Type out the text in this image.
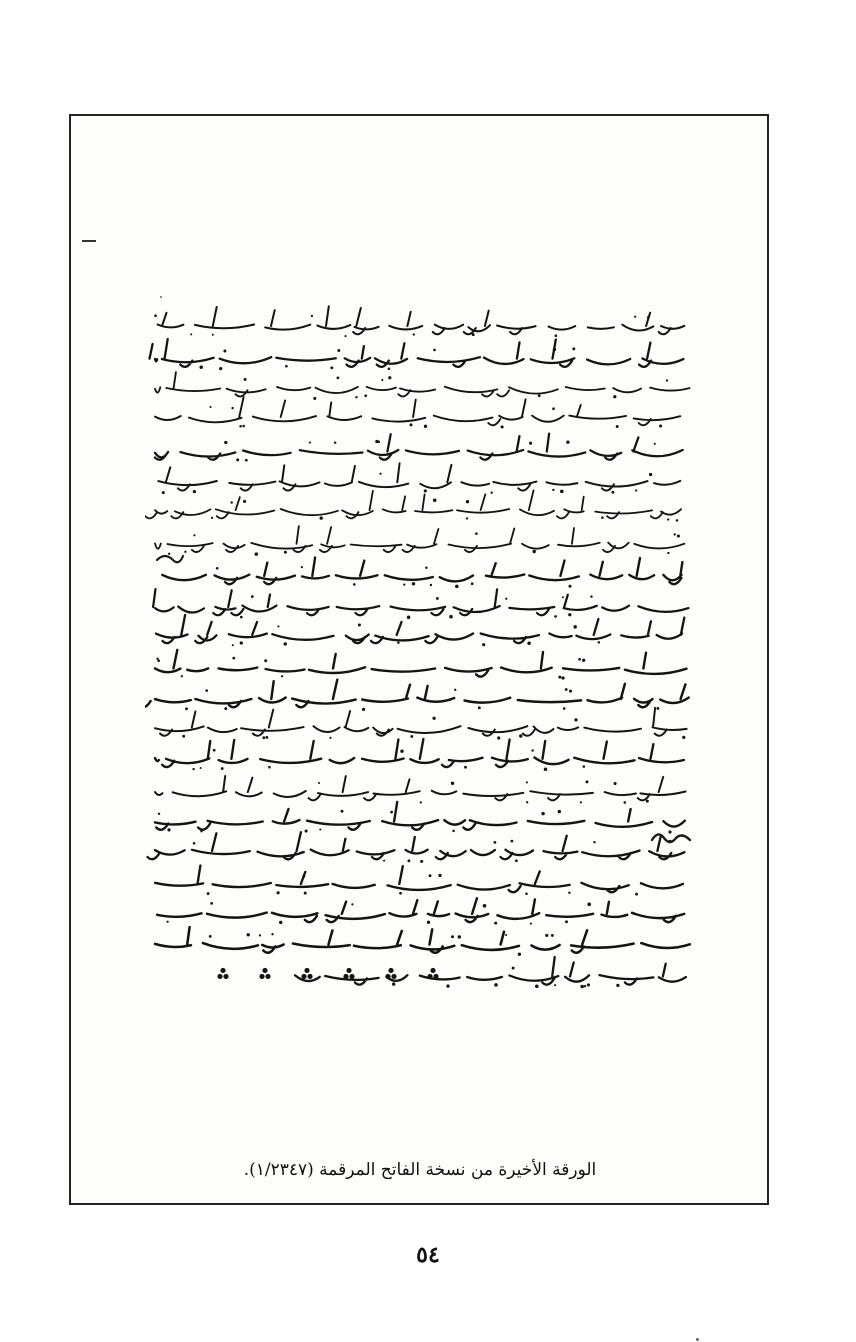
الورقة الأخيرة من نسخة الفاتح المرقمة (١/٢٣٤٧).
٥٤
